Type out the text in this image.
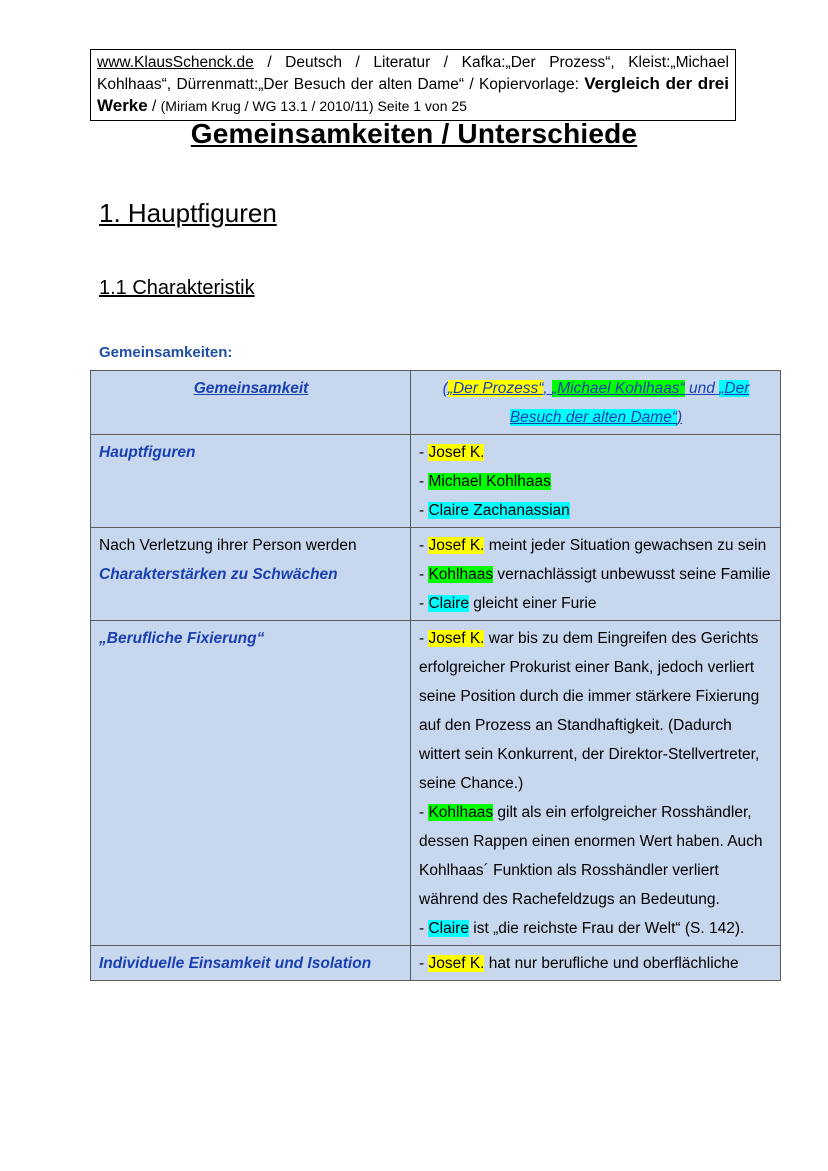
www.KlausSchenck.de / Deutsch / Literatur / Kafka:„Der Prozess“, Kleist:„Michael Kohlhaas“, Dürrenmatt:„Der Besuch der alten Dame“ / Kopiervorlage: Vergleich der drei Werke / (Miriam Krug / WG 13.1 / 2010/11) Seite 1 von 25
Gemeinsamkeiten / Unterschiede
1. Hauptfiguren
1.1 Charakteristik
Gemeinsamkeiten:
Gemeinsamkeit	(„Der Prozess“, „Michael Kohlhaas“ und „Der
Besuch der alten Dame“)

Hauptfiguren	- Josef K.
- Michael Kohlhaas
- Claire Zachanassian

Nach Verletzung ihrer Person werden
Charakterstärken zu Schwächen	- Josef K. meint jeder Situation gewachsen zu sein
- Kohlhaas vernachlässigt unbewusst seine Familie
- Claire gleicht einer Furie

„Berufliche Fixierung“	- Josef K. war bis zu dem Eingreifen des Gerichts erfolgreicher Prokurist einer Bank, jedoch verliert seine Position durch die immer stärkere Fixierung auf den Prozess an Standhaftigkeit. (Dadurch wittert sein Konkurrent, der Direktor-Stellvertreter, seine Chance.)
- Kohlhaas gilt als ein erfolgreicher Rosshändler, dessen Rappen einen enormen Wert haben. Auch Kohlhaas´ Funktion als Rosshändler verliert während des Rachefeldzugs an Bedeutung.
- Claire ist „die reichste Frau der Welt“ (S. 142).

Individuelle Einsamkeit und Isolation	- Josef K. hat nur berufliche und oberflächliche
